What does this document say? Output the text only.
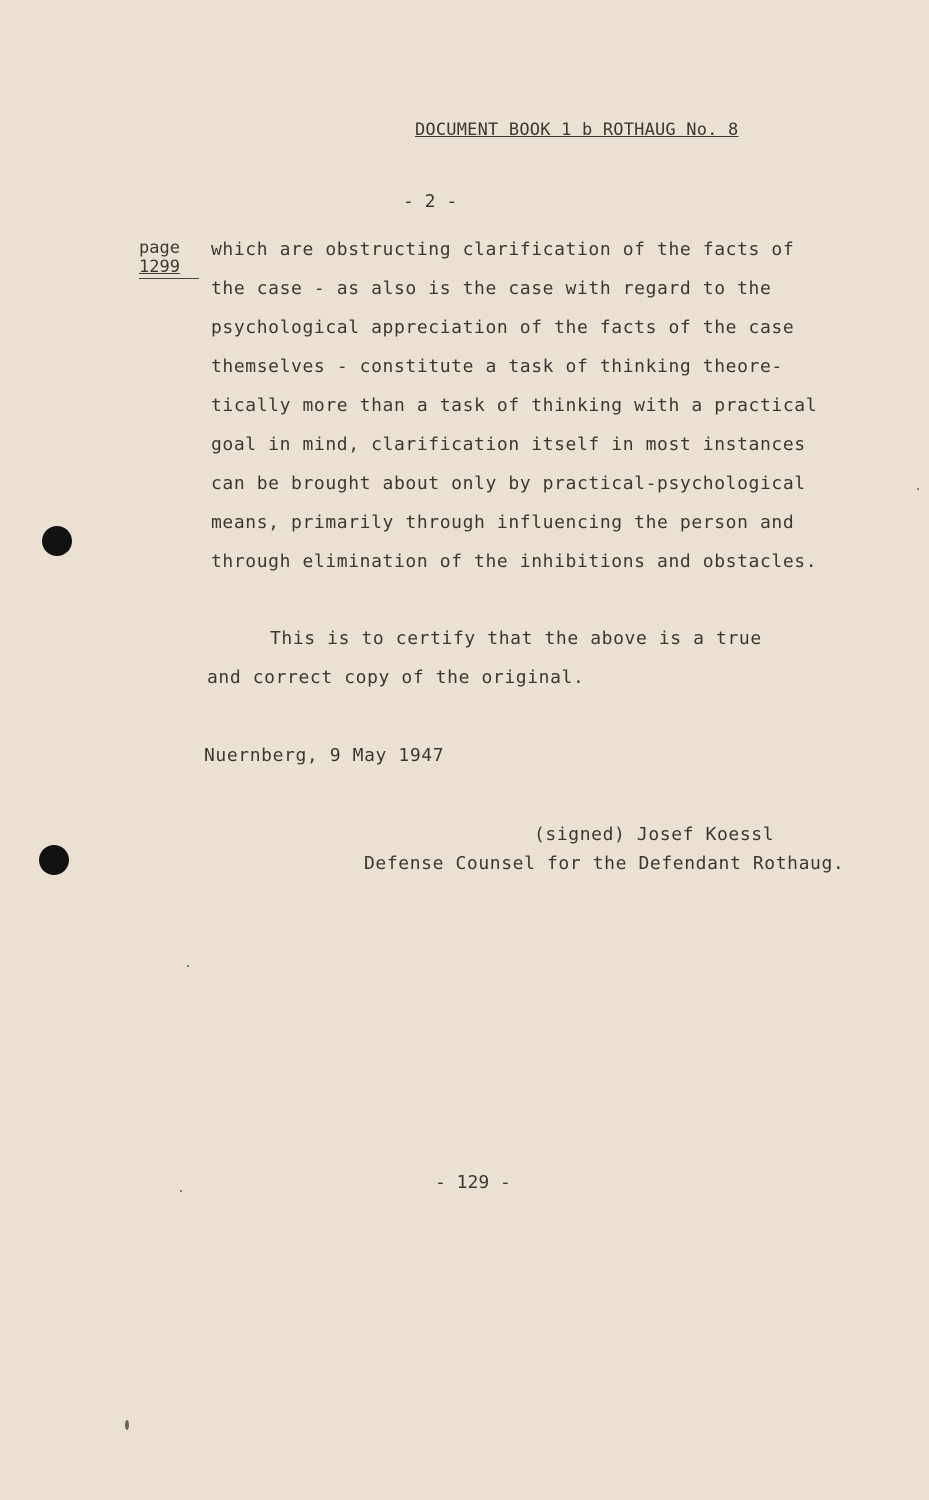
DOCUMENT BOOK 1 b ROTHAUG No. 8
- 2 -
page
1299
which are obstructing clarification of the facts of
the case - as also is the case with regard to the
psychological appreciation of the facts of the case
themselves - constitute a task of thinking theore-
tically more than a task of thinking with a practical
goal in mind, clarification itself in most instances
can be brought about only by practical-psychological
means, primarily through influencing the person and
through elimination of the inhibitions and obstacles.
This is to certify that the above is a true
and correct copy of the original.
Nuernberg, 9 May 1947
(signed) Josef Koessl
Defense Counsel for the Defendant Rothaug.
- 129 -
